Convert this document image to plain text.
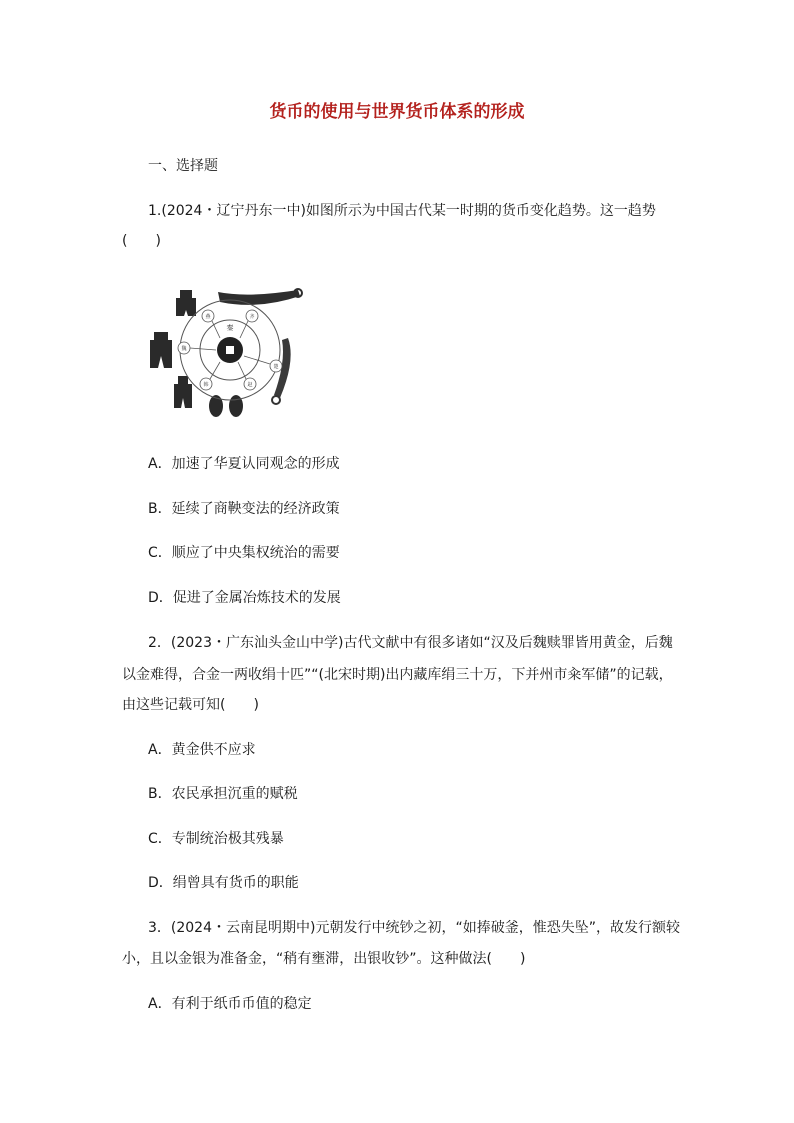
货币的使用与世界货币体系的形成
一、选择题
1.(2024・辽宁丹东一中)如图所示为中国古代某一时期的货币变化趋势。这一趋势
(　　)
秦
燕	齐
楚
韩	赵
魏
A．加速了华夏认同观念的形成
B．延续了商鞅变法的经济政策
C．顺应了中央集权统治的需要
D．促进了金属冶炼技术的发展
2．(2023・广东汕头金山中学)古代文献中有很多诸如“汉及后魏赎罪皆用黄金，后魏
以金难得，合金一两收绢十匹”“(北宋时期)出内藏库绢三十万，下并州市籴军储”的记载，
由这些记载可知(　　)
A．黄金供不应求
B．农民承担沉重的赋税
C．专制统治极其残暴
D．绢曾具有货币的职能
3．(2024・云南昆明期中)元朝发行中统钞之初，“如捧破釜，惟恐失坠”，故发行额较
小，且以金银为准备金，“稍有壅滞，出银收钞”。这种做法(　　)
A．有利于纸币币值的稳定
